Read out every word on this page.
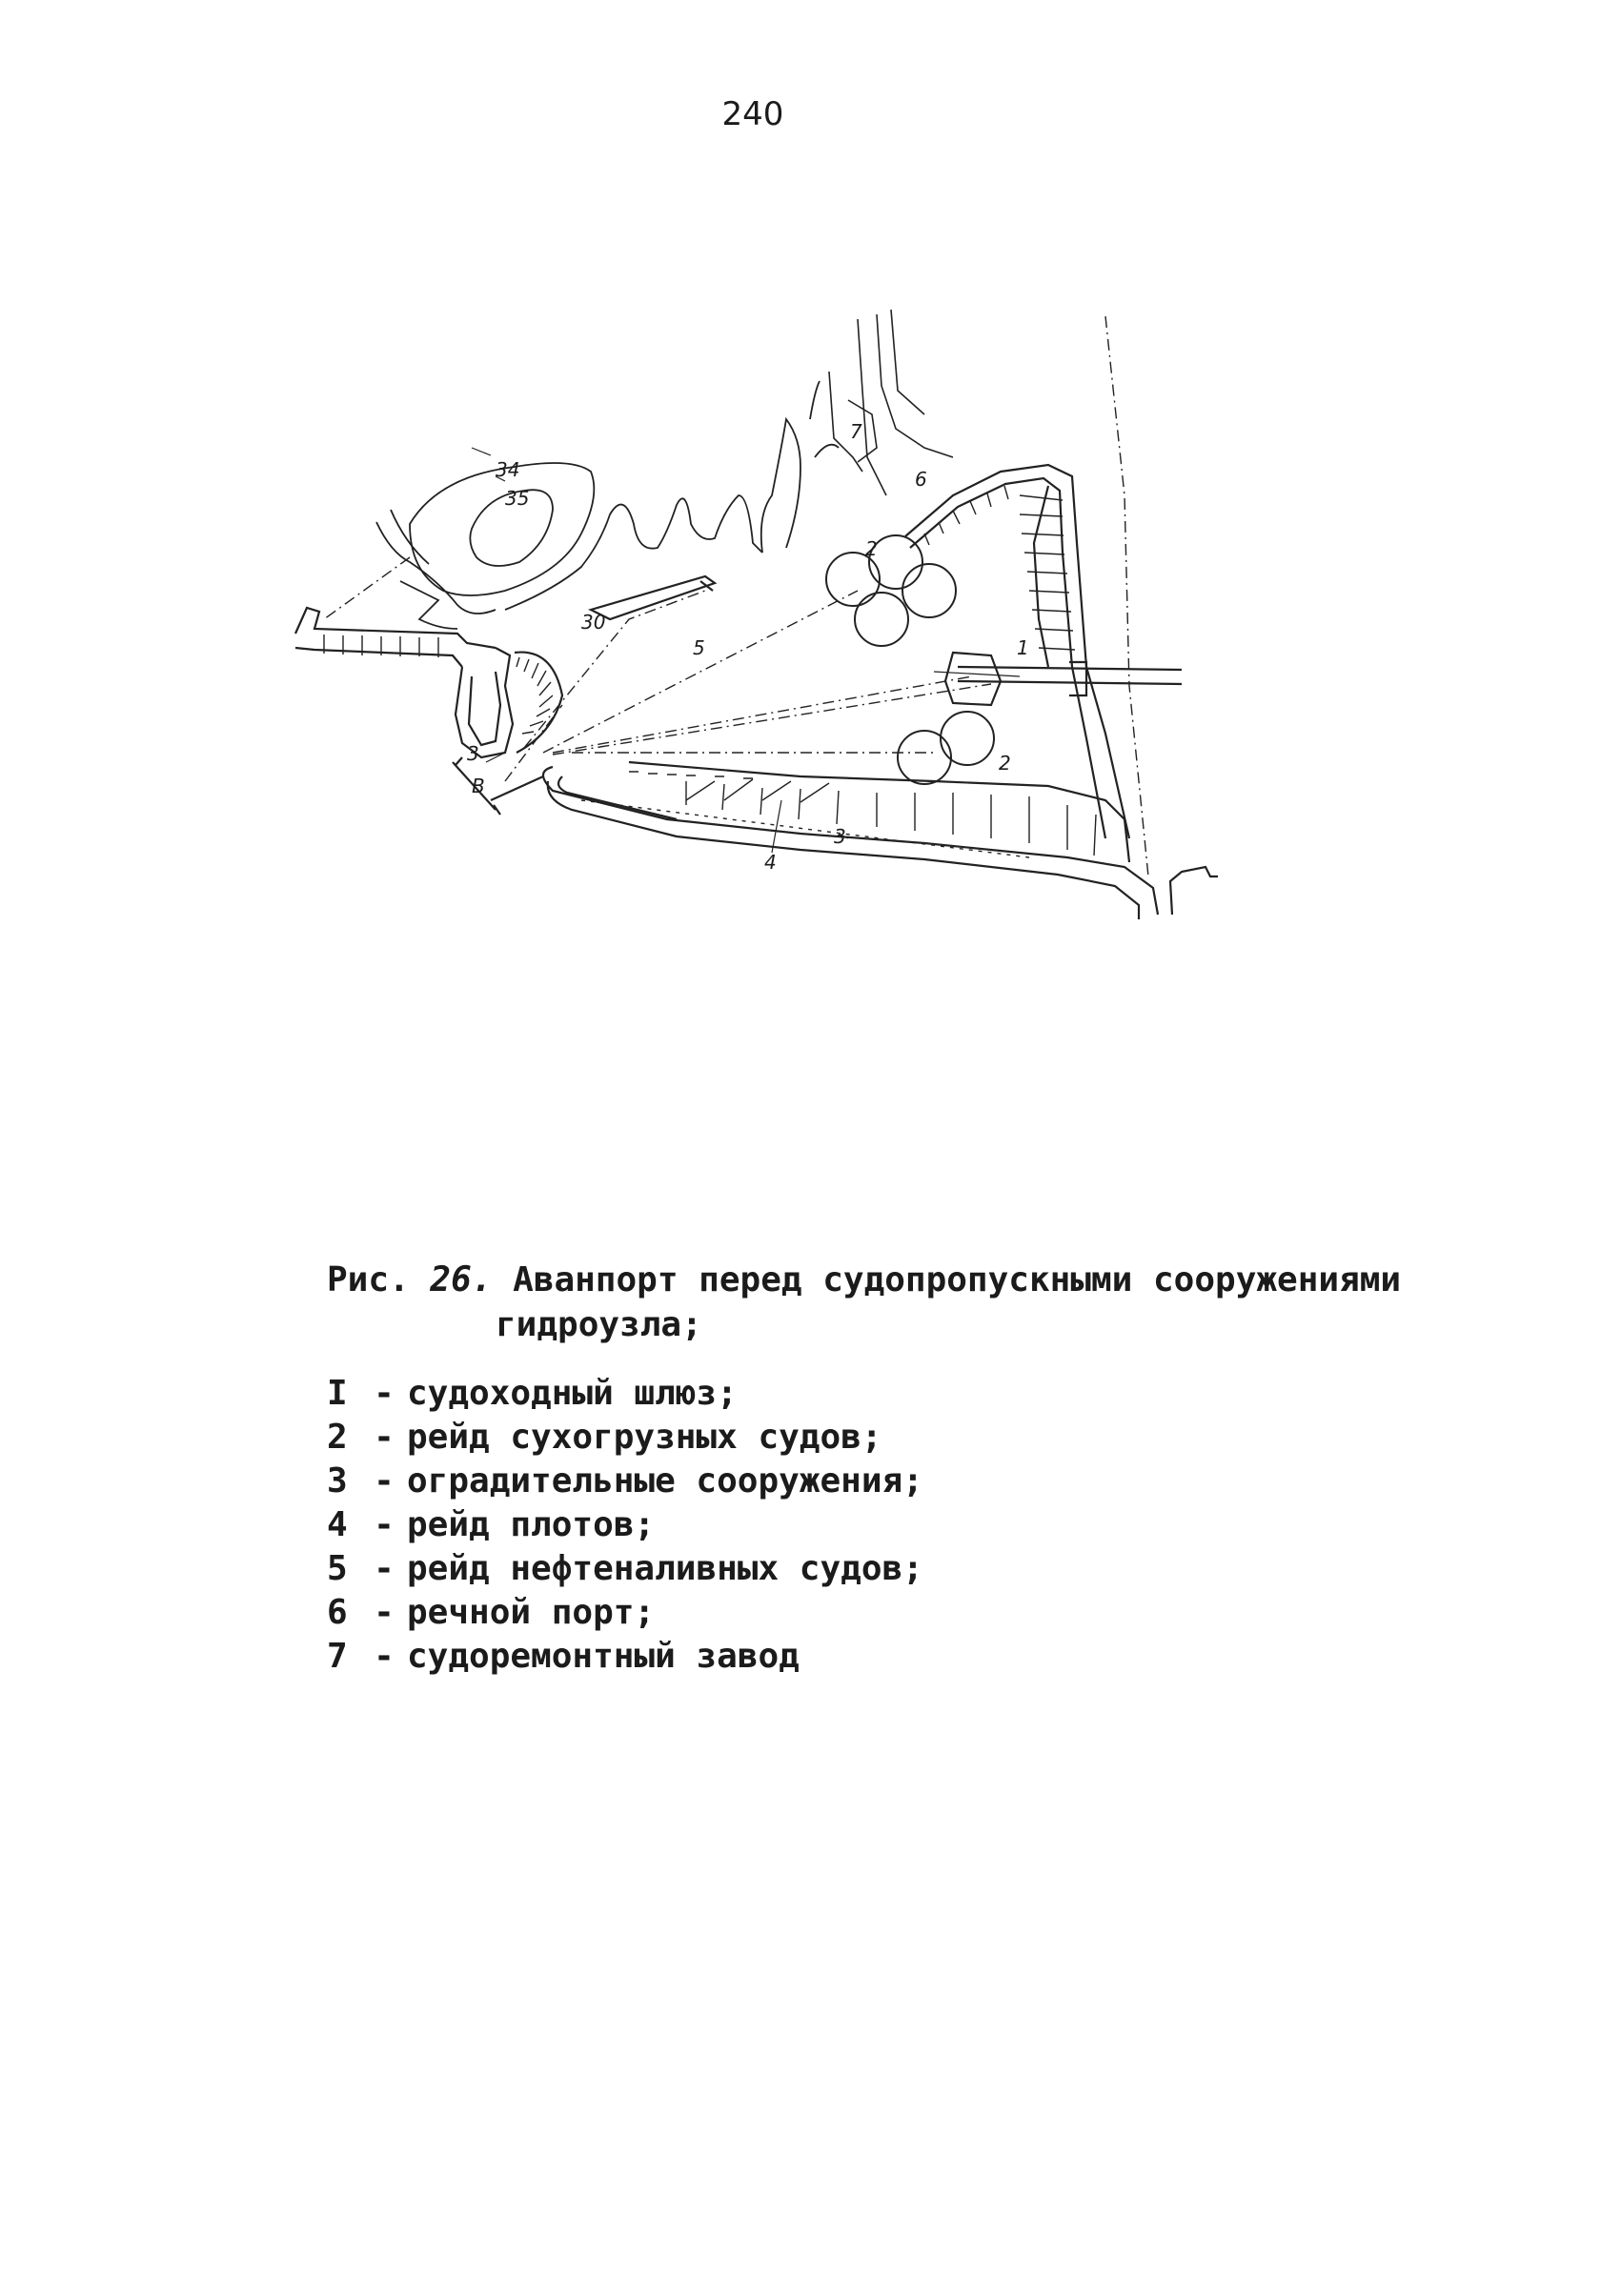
240
1
2
2
3
3
4
5
6
7
30
34
35
В
Рис. 26. Аванпорт перед судопропускными сооружениями
гидроузла;
I - судоходный шлюз;
2 - рейд сухогрузных судов;
3 - оградительные сооружения;
4 - рейд плотов;
5 - рейд нефтеналивных судов;
6 - речной порт;
7 - судоремонтный завод
